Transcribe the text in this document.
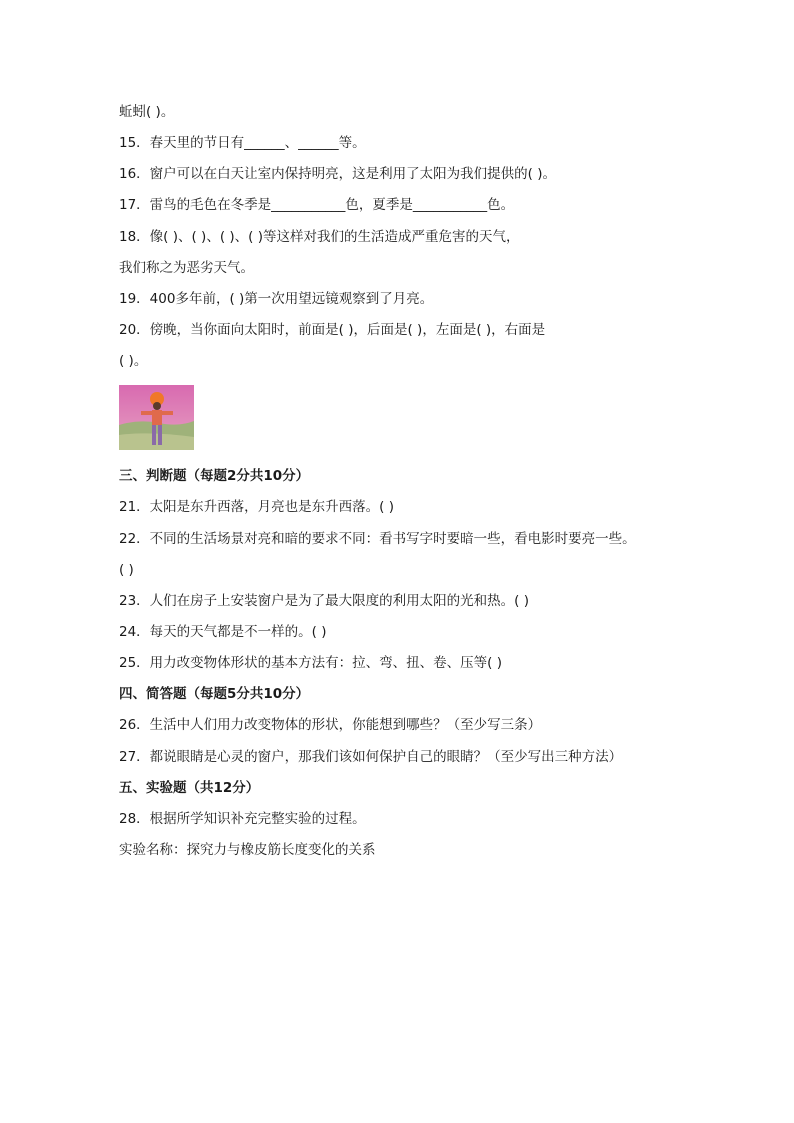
蚯蚓( )。
15．春天里的节日有______、______等。
16．窗户可以在白天让室内保持明亮，这是利用了太阳为我们提供的( )。
17．雷鸟的毛色在冬季是___________色，夏季是___________色。
18．像( )、( )、( )、( )等这样对我们的生活造成严重危害的天气，
我们称之为恶劣天气。
19．400多年前，( )第一次用望远镜观察到了月亮。
20．傍晚，当你面向太阳时，前面是( )，后面是( )，左面是( )，右面是
( )。
三、判断题（每题2分共10分）
21．太阳是东升西落，月亮也是东升西落。( )
22．不同的生活场景对亮和暗的要求不同：看书写字时要暗一些，看电影时要亮一些。
( )
23．人们在房子上安装窗户是为了最大限度的利用太阳的光和热。( )
24．每天的天气都是不一样的。( )
25．用力改变物体形状的基本方法有：拉、弯、扭、卷、压等( )
四、简答题（每题5分共10分）
26．生活中人们用力改变物体的形状，你能想到哪些？（至少写三条）
27．都说眼睛是心灵的窗户，那我们该如何保护自己的眼睛？（至少写出三种方法）
五、实验题（共12分）
28．根据所学知识补充完整实验的过程。
实验名称：探究力与橡皮筋长度变化的关系
